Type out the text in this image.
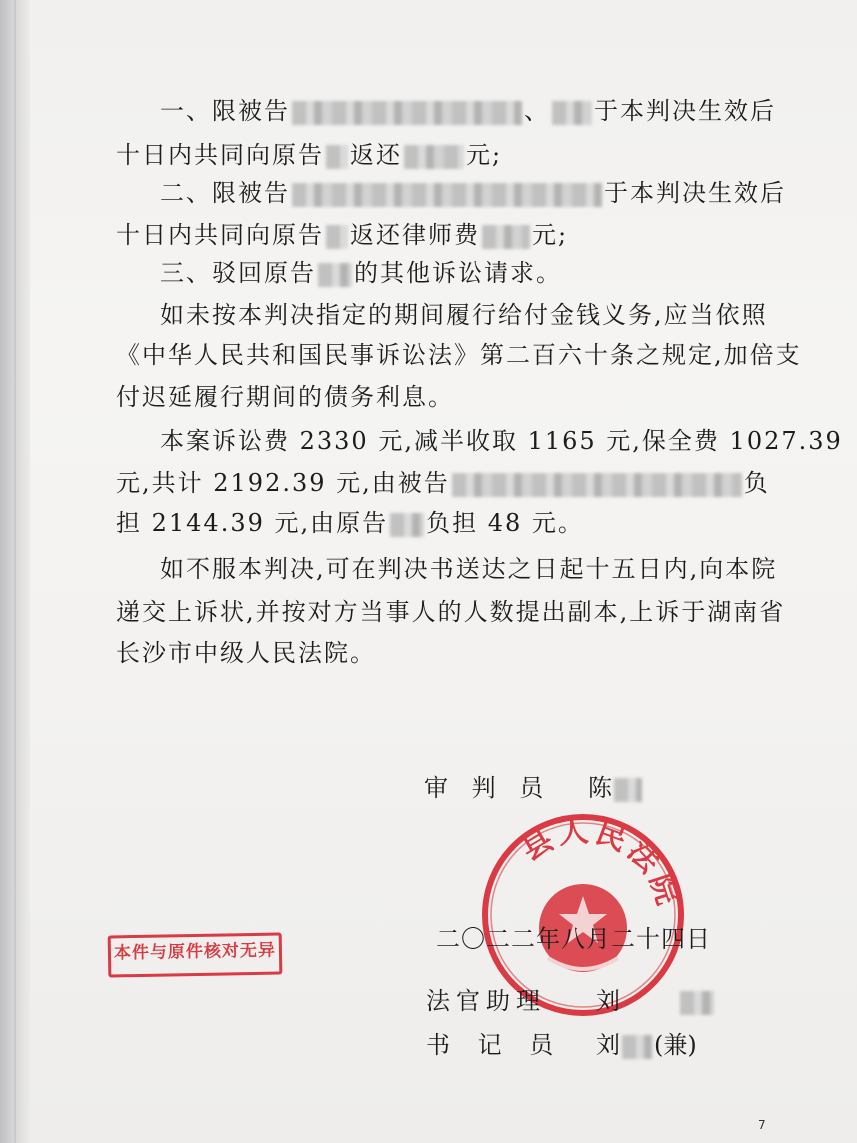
一、限被告	、 于本判决生效后
十日内共同向原告 返还	元;
二、限被告	于本判决生效后
十日内共同向原告 返还律师费 元;
三、驳回原告 的其他诉讼请求。
如未按本判决指定的期间履行给付金钱义务,应当依照
《中华人民共和国民事诉讼法》第二百六十条之规定,加倍支
付迟延履行期间的债务利息。
本案诉讼费 2330 元,减半收取 1165 元,保全费 1027.39
元,共计 2192.39 元,由被告	负
担 2144.39 元,由原告 负担 48 元。
如不服本判决,可在判决书送达之日起十五日内,向本院
递交上诉状,并按对方当事人的人数提出副本,上诉于湖南省
长沙市中级人民法院。
县人民法院
本件与原件核对无异
审 判 员 陈
二〇二二年八月二十四日
法官助理 刘
书 记 员 刘 (兼)
7
